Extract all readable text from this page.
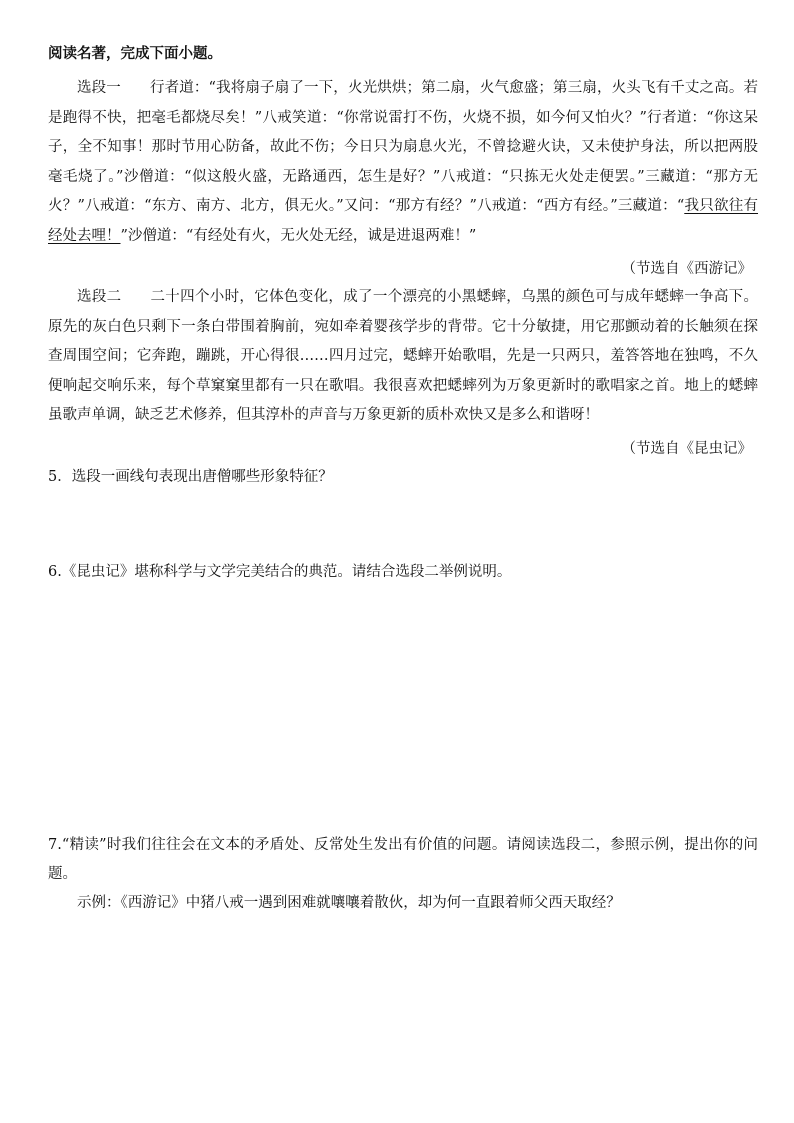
阅读名著，完成下面小题。

选段一 行者道：“我将扇子扇了一下，火光烘烘；第二扇，火气愈盛；第三扇，火头飞有千丈之高。若是跑得不快，把毫毛都烧尽矣！”八戒笑道：“你常说雷打不伤，火烧不损，如今何又怕火？”行者道：“你这呆子，全不知事！那时节用心防备，故此不伤；今日只为扇息火光，不曾捻避火诀，又未使护身法，所以把两股毫毛烧了。”沙僧道：“似这般火盛，无路通西，怎生是好？”八戒道：“只拣无火处走便罢。”三藏道：“那方无火？”八戒道：“东方、南方、北方，俱无火。”又问：“那方有经？”八戒道：“西方有经。”三藏道：“我只欲往有经处去哩！”沙僧道：“有经处有火，无火处无经，诚是进退两难！”

（节选自《西游记》

选段二 二十四个小时，它体色变化，成了一个漂亮的小黑蟋蟀，乌黑的颜色可与成年蟋蟀一争高下。原先的灰白色只剩下一条白带围着胸前，宛如牵着婴孩学步的背带。它十分敏捷，用它那颤动着的长触须在探查周围空间；它奔跑，蹦跳，开心得很……四月过完，蟋蟀开始歌唱，先是一只两只，羞答答地在独鸣，不久便响起交响乐来，每个草窠窠里都有一只在歌唱。我很喜欢把蟋蟀列为万象更新时的歌唱家之首。地上的蟋蟀虽歌声单调，缺乏艺术修养，但其淳朴的声音与万象更新的质朴欢快又是多么和谐呀！

（节选自《昆虫记》

5．选段一画线句表现出唐僧哪些形象特征？

6.《昆虫记》堪称科学与文学完美结合的典范。请结合选段二举例说明。

7.“精读”时我们往往会在文本的矛盾处、反常处生发出有价值的问题。请阅读选段二，参照示例，提出你的问题。

示例：《西游记》中猪八戒一遇到困难就嚷嚷着散伙，却为何一直跟着师父西天取经？
